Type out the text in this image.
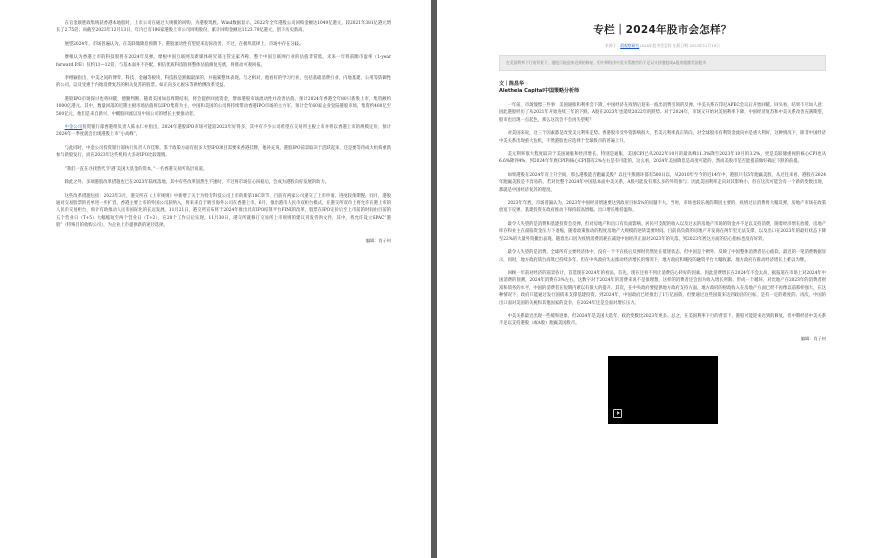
在官金联胜政集统获香港本地股时，上市公司在通过大规模的回购，为港股筑底。Wind数据显示，2022年全年港股公司回购金额达1049亿港元，较2021年381亿港元增长了2.75倍；而截至2023年12月13日，年内已有196家港股上市公司回购股份，累计回购金额达1123.79亿港元，创下历史新高。

展望2024年，市场普遍认为，在美联储降息预期下，港股流动性有望迎来边际改善，不过，在板块选择上，市场中存在分歧。

摩根认为香港上市的科技股将在2024年反弹。摩根中国互联网及新媒体研究部主管定家齐称，整个中国互联网行业的估值非常低，未来一年将前瞻市盈率（1-year forward P/E）仅约11—12倍，与基本面并不匹配，相信优质科技股将整体估值修复见底，将推动可观回报。

李榕颖指出，中美之间的博弈、科技、金融等板块，科技股是跌幅最深的，并拖累整体表现。与之相对，他看好的学习行业，包括基础消费行业、内地基建，公用等防御性的公司，以及受惠于内地消费复苏的相关复苏的股票。如正向多元税乐等供给侧改革受益。

港股IPO市场探讨也将回暖，德勤判断，随着美国加息周期结束，将会提供回流资金，增加港股市场流动性并改善估值。预计2024年香港全年80只新股上市，集资额约1000亿港元。其中，数量回落的近期主板市场估值将以IPO集资为主，中国和美国的公司将持续带动香港IPO市场的主力军，预计全年60家企业登陆港股市场，集资约400亿至500亿元，他们是来自新兴、中概股回流以及中国公司的增长主要推动者。

中金公司投资银行部香港组负责人陈永仁亦指出，2024年港股IPO市场可能较2023年好得多，其中有不少公司希望在交易所主板上市并将以香港上市的规模定价，预计2024年一季度就会出现港股上市“小高峰”。

与此同时，中金公司投资银行部执行负责人许佳称，鉴于政策方面有很多大型IPO项目需要来香港挂牌，他补充说，港股IPO前景取决于活跃起来，还是要等待成大机构重新参与新股发行，而在2023年这些机构大多对IPO比较谨慎。

“我们一直在寻找替代‘沪港’美国大基金的资本，”一名香港交易所高层说道。

除此之外，多项港股改革措施也已在2023年陆续落地，其中有些改革固然生不逢时，不过将市场信心回稳后，会成为港股向好发展的助力。

这些改革措施包括：2023年3月，港交所在《上市规则》中新增了关于为特专科技公司上市的新第18C章节，目前有两家公司递交了上市申请，进度较预期慢。同月，港股通对交易股票的名单进一步扩容，香港主要上市的外国公司获纳入，将来来自于吸引海外公司在香港上市。6月，推出港币人民币双柜台模式，在港交所双币上将允许在港上市的人民币交易柜台，预计有助推动人民币国际化的长远发展。11月21日，港交所宣布将于2024年推出具有IPO结算平台FINI的改革，股票在IPO定价后至上市前的时间由目前的五个营业日（T+5）大幅缩短至两个营业日（T+2），在20个工作日后实现。11月30日，港交所就修订交易所上市规则的建议刊发咨询文件，其中，将允许设立SPAC“港股”（特殊目的收购公司），为企业上市提供新的途径选择。

编辑：肖子何

专栏｜2024年股市会怎样？
来源于：晨观察研究2024年股市会怎样 出版日期 2023年12月18日
在美国利率下行的背景下，港股可能迎来迟到的修复，但中期经济中美关系激烈仍不足以支持港股或A股的超额美国股市
文｜陈昌华
Aletheia Capital中国策略分析师

一年前，市场憧憬三件事：美国通胀和利率会下降，中国经济在疫情后迎来一波出消费引领的反弹，中美关系在印尼APEC会议后开始回暖。回头看，结果不尽如人意：因此港股经历了从2021年开始连续三年的下跌。A股在2023年也延续2022年的跌势。对于2024年，市场又开始对美国利率下降、中国经济复苏和中美关系改善充满期望，股市也出现一点起色，那么这次会不会再失望呢？

对美国来说，这三个因素都是改变美元利率走势。香港股市受外资影响很大，若美元利率真正转向，对全球股市有利资金流向亦是重大利好，这种情况下，除非中国经济中美关系出现重大危机，不然港股也应选择于全球股市的普遍上升。

美元利率很大程度取决于美国通胀和经济增长。特别是通胀，美国CPI已从2022年10月的最高峰11.3%降至2023年10月的3.2%，更是美联储重视的核心CPI也从6.6%降到4%，到2024年年底CPI和核心CPI都有2%左右是有可能的，这么看，2024年美国降息是高度可能的，然而美股市是否能提前做好确定下跌的前提。

如果港股在2024年有上升空间，那么港股能否跑赢美股？以往牛熊循环都有500日以，从2010年至今的近14年中，港股只有5年跑赢美股，从过往来看，港股在2024年跑赢美股是不容易的。若对比整个2024年中国基本面中美关系，A股可能没有那么多的外资参与；因此美国利率走向对其影响小，但在这次可能会有一个新的变数出现，那就是中国经济复苏的程度。

2023年年底，市场普遍认为，2023年中国经济增速要达到政府目标5%的问题不大。当时，市场也较乐观的期因主要的，疫情过后消费将大幅反弹，房地产市场在政策放宽下反弹，基建投资在政府推动下保持较高增幅，出口增长维持温和。

最令人失望的是消费和基建投资会反弹，但对房地产和出口有负面影响。居民可支配的收入以及过去的房地产市场的资金并不足以支持消费，随着经济增长放缓，房地产库存和业主在面临资金压力下退缩，随着政策推动的程度房地产大规模的逆转需要时间。目前高负债的房地产开发商在两年里无法支撑，以及出口在2023年的最好状态下降至22%的大量外资撤出表现。随着出口因为疫情消费消耗在减退中国经济正面对2023年的失落，到2023年底这方面的信心指标也没有好转。

最令人失望的是消费。全球所有主要经济体中，没有一个不在疫后反弹时仍然处在低迷状态，但中国是个例外，反映了中国整体消费者信心疲软。最近的一笔消费数据显示，同时，地方政府债台高筑已持续多年，但在中央政府失去推动经济增长的情况下，地方政府和城投的融资平台大幅收紧，地方政府在推动经济增长上难以为继。

回顾一年前对经济的前景估计，首选现在2024年的看法。首先，现在还看不到让消费信心转好的因素，因此消费增长在2024年不会太高，据报道在市场上对2024年中国消费的预测，2024年消费在3%左右。这数字对于2024年的消费来说不是很理想，这样的消费者还会因为收入增长所限，形成一个循环，对比地产在2023年的消费者财富和债务的水平，中国的消费者在短期内难以有很大的提升。其次，在中央政府要提供地方政府支持方面，地方政府的财政收入在房地产方面已经不再像以前那样强大，在这种情况下，政府只能通过发行国债来支撑基建投资。到2024年，中国政府已经推出了1万亿国债，但要通过这些国债来达到政府的目标，是有一定的难度的。再次，中国的出口面对美国的关税和其他国家的竞争，在2024年还是会面对增长压力。

中美关系最近出现一些缓和迹象，但2024年是美国大选年，政治变数比2023年更多。总之，在美国利率下行的背景下，港股可能迎来迟到的修复，但中期经济中美关系不足以支持港股（或A股）跑赢美国股市。

编辑：肖子何
